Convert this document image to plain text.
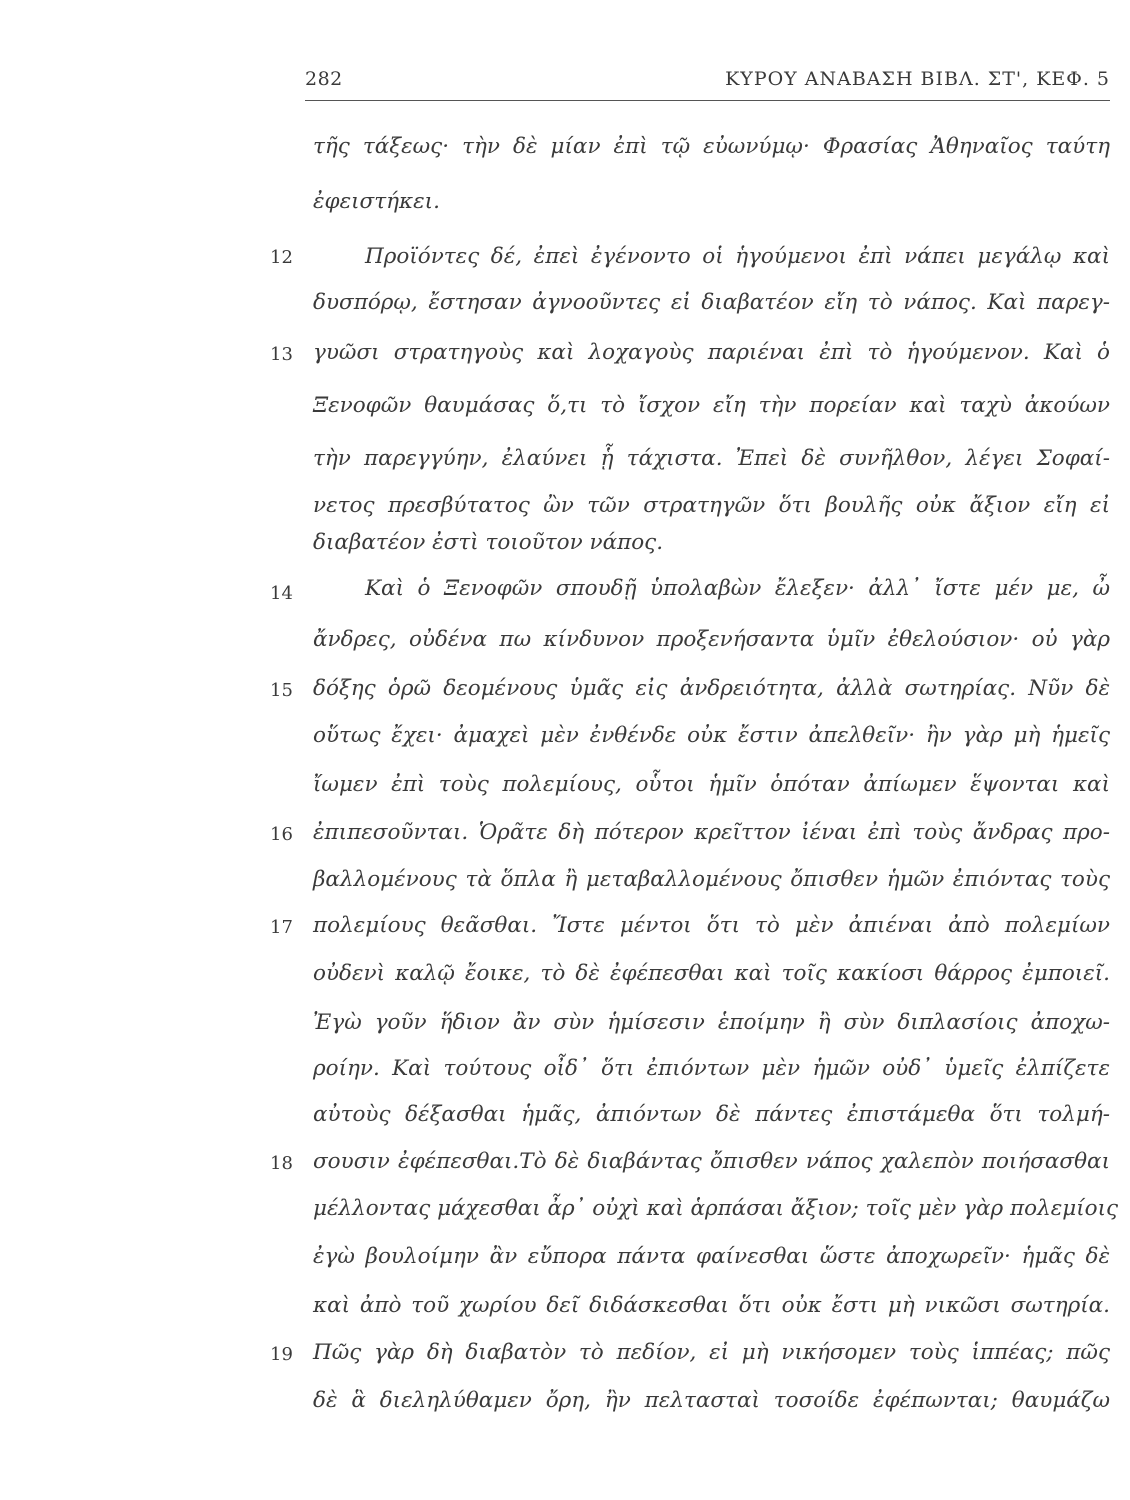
282	ΚΥΡΟΥ ΑΝΑΒΑΣΗ ΒΙΒΛ. ΣΤ', ΚΕΦ. 5
τῆς τάξεως· τὴν δὲ μίαν ἐπὶ τῷ εὐωνύμῳ· Φρασίας Ἀθηναῖος ταύτη
ἐφειστήκει.
12	Προϊόντες δέ, ἐπεὶ ἐγένοντο οἱ ἡγούμενοι ἐπὶ νάπει μεγάλῳ καὶ
δυσπόρῳ, ἔστησαν ἀγνοοῦντες εἰ διαβατέον εἴη τὸ νάπος. Καὶ παρεγ-
13 γυῶσι στρατηγοὺς καὶ λοχαγοὺς παριέναι ἐπὶ τὸ ἡγούμενον. Καὶ ὁ
Ξενοφῶν θαυμάσας ὅ,τι τὸ ἴσχον εἴη τὴν πορείαν καὶ ταχὺ ἀκούων
τὴν παρεγγύην, ἐλαύνει ᾗ τάχιστα. Ἐπεὶ δὲ συνῆλθον, λέγει Σοφαί-
νετος πρεσβύτατος ὢν τῶν στρατηγῶν ὅτι βουλῆς οὐκ ἄξιον εἴη εἰ
διαβατέον ἐστὶ τοιοῦτον νάπος.
14	Καὶ ὁ Ξενοφῶν σπουδῇ ὑπολαβὼν ἔλεξεν· ἀλλ᾽ ἴστε μέν με, ὦ
ἄνδρες, οὐδένα πω κίνδυνον προξενήσαντα ὑμῖν ἐθελούσιον· οὐ γὰρ
15 δόξης ὁρῶ δεομένους ὑμᾶς εἰς ἀνδρειότητα, ἀλλὰ σωτηρίας. Νῦν δὲ
οὕτως ἔχει· ἀμαχεὶ μὲν ἐνθένδε οὐκ ἔστιν ἀπελθεῖν· ἢν γὰρ μὴ ἡμεῖς
ἴωμεν ἐπὶ τοὺς πολεμίους, οὗτοι ἡμῖν ὁπόταν ἀπίωμεν ἕψονται καὶ
16 ἐπιπεσοῦνται. Ὁρᾶτε δὴ πότερον κρεῖττον ἰέναι ἐπὶ τοὺς ἄνδρας προ-
βαλλομένους τὰ ὅπλα ἢ μεταβαλλομένους ὄπισθεν ἡμῶν ἐπιόντας τοὺς
17 πολεμίους θεᾶσθαι. Ἴστε μέντοι ὅτι τὸ μὲν ἀπιέναι ἀπὸ πολεμίων
οὐδενὶ καλῷ ἔοικε, τὸ δὲ ἐφέπεσθαι καὶ τοῖς κακίοσι θάρρος ἐμποιεῖ.
Ἐγὼ γοῦν ἥδιον ἂν σὺν ἡμίσεσιν ἑποίμην ἢ σὺν διπλασίοις ἀποχω-
ροίην. Καὶ τούτους οἶδ᾽ ὅτι ἐπιόντων μὲν ἡμῶν οὐδ᾽ ὑμεῖς ἐλπίζετε
αὐτοὺς δέξασθαι ἡμᾶς, ἀπιόντων δὲ πάντες ἐπιστάμεθα ὅτι τολμή-
18 σουσιν ἐφέπεσθαι.Τὸ δὲ διαβάντας ὄπισθεν νάπος χαλεπὸν ποιήσασθαι
μέλλοντας μάχεσθαι ἆρ᾽ οὐχὶ καὶ ἁρπάσαι ἄξιον; τοῖς μὲν γὰρ πολεμίοις
ἐγὼ βουλοίμην ἂν εὔπορα πάντα φαίνεσθαι ὥστε ἀποχωρεῖν· ἡμᾶς δὲ
καὶ ἀπὸ τοῦ χωρίου δεῖ διδάσκεσθαι ὅτι οὐκ ἔστι μὴ νικῶσι σωτηρία.
19 Πῶς γὰρ δὴ διαβατὸν τὸ πεδίον, εἰ μὴ νικήσομεν τοὺς ἱππέας; πῶς
δὲ ἃ διεληλύθαμεν ὄρη, ἢν πελτασταὶ τοσοίδε ἐφέπωνται; θαυμάζω
